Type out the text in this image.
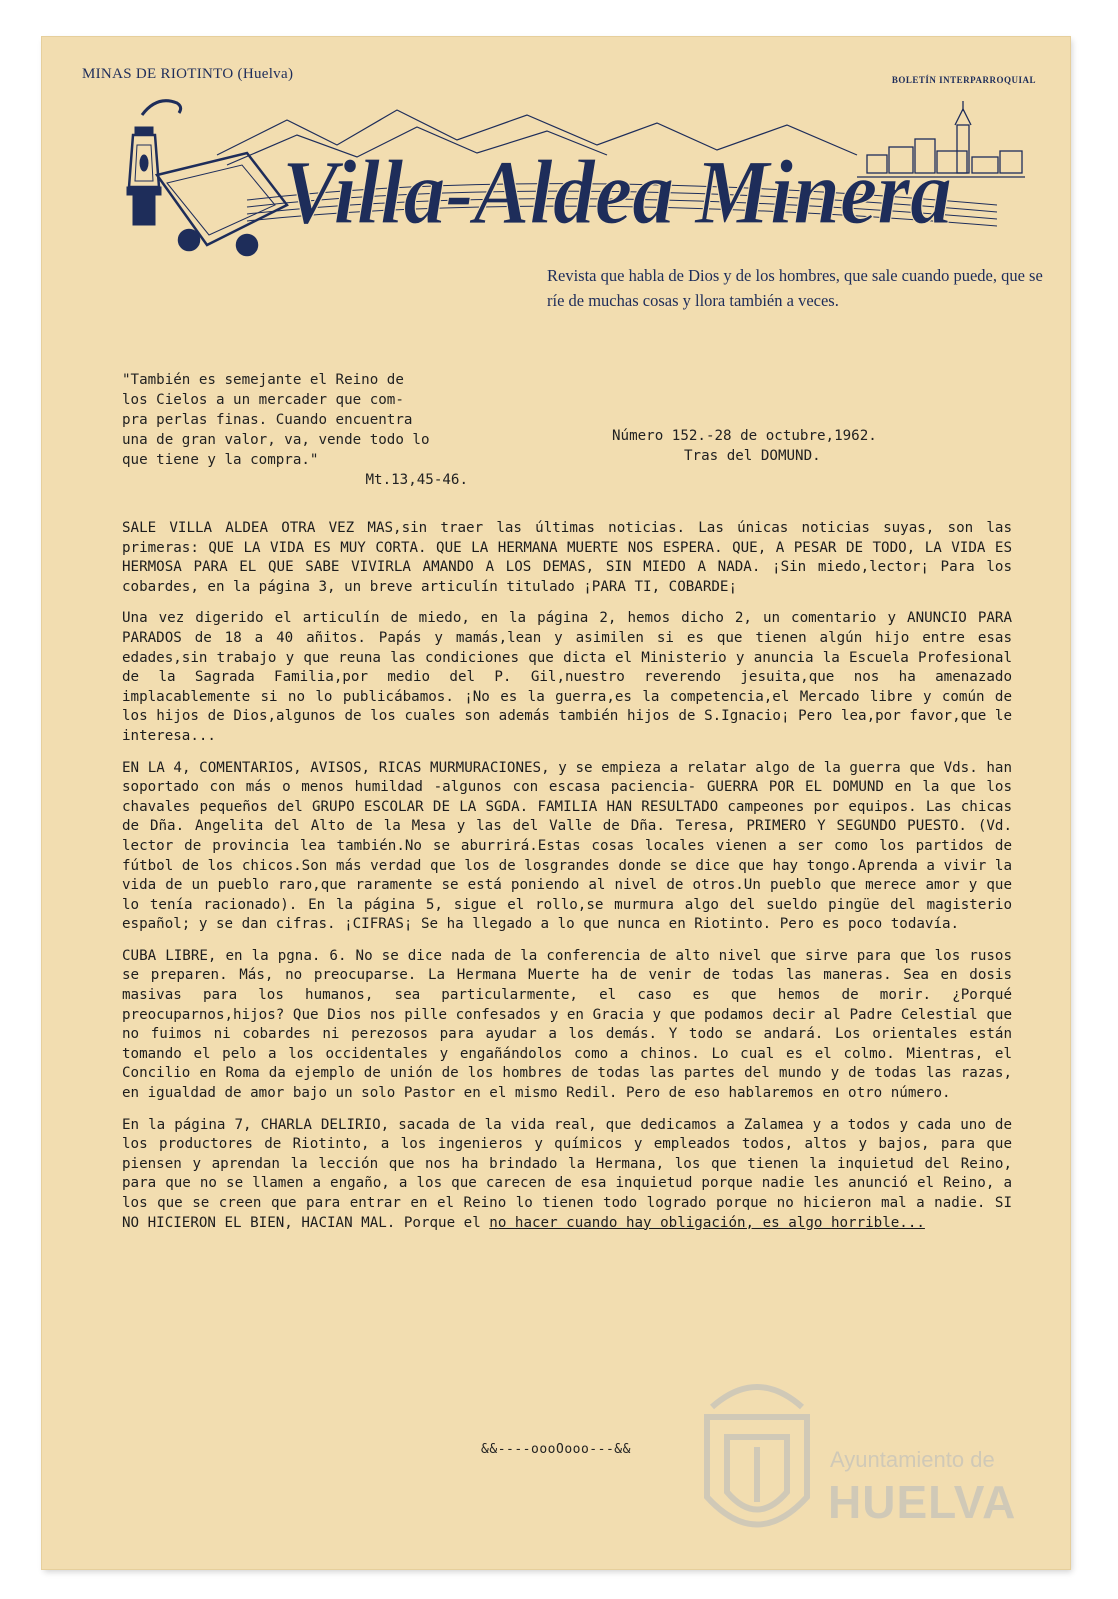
MINAS DE RIOTINTO (Huelva)	BOLETÍN INTERPARROQUIAL
Villa-Aldea Minera
Revista que habla de Dios y de los hombres, que sale cuando puede, que se ríe de muchas cosas y llora también a veces.
"También es semejante el Reino de
los Cielos a un mercader que com-
pra perlas finas. Cuando encuentra
una de gran valor, va, vende todo lo
que tiene y la compra."
Mt.13,45-46.
Número 152.-28 de octubre,1962.
Tras del DOMUND.

SALE VILLA ALDEA OTRA VEZ MAS,sin traer las últimas noticias. Las únicas noticias suyas, son las primeras: QUE LA VIDA ES MUY CORTA. QUE LA HERMANA MUERTE NOS ESPERA. QUE, A PESAR DE TODO, LA VIDA ES HERMOSA PARA EL QUE SABE VIVIRLA AMANDO A LOS DEMAS, SIN MIEDO A NADA. ¡Sin miedo,lector¡ Para los cobardes, en la página 3, un breve articulín titulado ¡PARA TI, COBARDE¡

Una vez digerido el articulín de miedo, en la página 2, hemos dicho 2, un comentario y ANUNCIO PARA PARADOS de 18 a 40 añitos. Papás y mamás,lean y asimilen si es que tienen algún hijo entre esas edades,sin trabajo y que reuna las condiciones que dicta el Ministerio y anuncia la Escuela Profesional de la Sagrada Familia,por medio del P. Gil,nuestro reverendo jesuita,que nos ha amenazado implacablemente si no lo publicábamos. ¡No es la guerra,es la competencia,el Mercado libre y común de los hijos de Dios,algunos de los cuales son además también hijos de S.Ignacio¡ Pero lea,por favor,que le interesa...

EN LA 4, COMENTARIOS, AVISOS, RICAS MURMURACIONES, y se empieza a relatar algo de la guerra que Vds. han soportado con más o menos humildad -algunos con escasa paciencia- GUERRA POR EL DOMUND en la que los chavales pequeños del GRUPO ESCOLAR DE LA SGDA. FAMILIA HAN RESULTADO campeones por equipos. Las chicas de Dña. Angelita del Alto de la Mesa y las del Valle de Dña. Teresa, PRIMERO Y SEGUNDO PUESTO. (Vd. lector de provincia lea también.No se aburrirá.Estas cosas locales vienen a ser como los partidos de fútbol de los chicos.Son más verdad que los de losgrandes donde se dice que hay tongo.Aprenda a vivir la vida de un pueblo raro,que raramente se está poniendo al nivel de otros.Un pueblo que merece amor y que lo tenía racionado). En la página 5, sigue el rollo,se murmura algo del sueldo pingüe del magisterio español; y se dan cifras. ¡CIFRAS¡ Se ha llegado a lo que nunca en Riotinto. Pero es poco todavía.

CUBA LIBRE, en la pgna. 6. No se dice nada de la conferencia de alto nivel que sirve para que los rusos se preparen. Más, no preocuparse. La Hermana Muerte ha de venir de todas las maneras. Sea en dosis masivas para los humanos, sea particularmente, el caso es que hemos de morir. ¿Porqué preocuparnos,hijos? Que Dios nos pille confesados y en Gracia y que podamos decir al Padre Celestial que no fuimos ni cobardes ni perezosos para ayudar a los demás. Y todo se andará. Los orientales están tomando el pelo a los occidentales y engañándolos como a chinos. Lo cual es el colmo. Mientras, el Concilio en Roma da ejemplo de unión de los hombres de todas las partes del mundo y de todas las razas, en igualdad de amor bajo un solo Pastor en el mismo Redil. Pero de eso hablaremos en otro número.

En la página 7, CHARLA DELIRIO, sacada de la vida real, que dedicamos a Zalamea y a todos y cada uno de los productores de Riotinto, a los ingenieros y químicos y empleados todos, altos y bajos, para que piensen y aprendan la lección que nos ha brindado la Hermana, los que tienen la inquietud del Reino, para que no se llamen a engaño, a los que carecen de esa inquietud porque nadie les anunció el Reino, a los que se creen que para entrar en el Reino lo tienen todo logrado porque no hicieron mal a nadie. SI NO HICIERON EL BIEN, HACIAN MAL. Porque el no hacer cuando hay obligación, es algo horrible...

&&----oooOooo---&&	Ayuntamiento de
HUELVA
